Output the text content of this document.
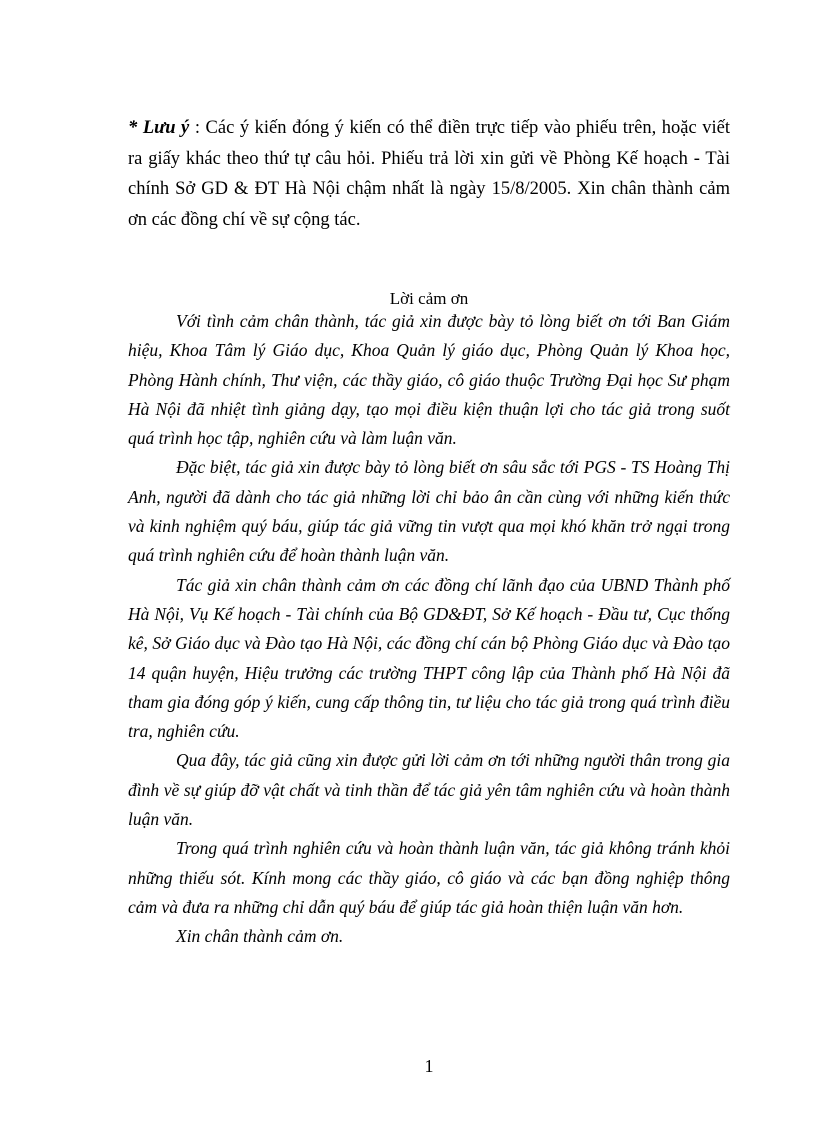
* Lưu ý : Các ý kiến đóng ý kiến có thể điền trực tiếp vào phiếu trên, hoặc viết ra giấy khác theo thứ tự câu hỏi. Phiếu trả lời xin gửi về Phòng Kế hoạch - Tài chính Sở GD & ĐT Hà Nội chậm nhất là ngày 15/8/2005. Xin chân thành cảm ơn các đồng chí về sự cộng tác.
Lời cảm ơn

Với tình cảm chân thành, tác giả xin được bày tỏ lòng biết ơn tới Ban Giám hiệu, Khoa Tâm lý Giáo dục, Khoa Quản lý giáo dục, Phòng Quản lý Khoa học, Phòng Hành chính, Thư viện, các thầy giáo, cô giáo thuộc Trường Đại học Sư phạm Hà Nội đã nhiệt tình giảng dạy, tạo mọi điều kiện thuận lợi cho tác giả trong suốt quá trình học tập, nghiên cứu và làm luận văn.

Đặc biệt, tác giả xin được bày tỏ lòng biết ơn sâu sắc tới PGS - TS Hoàng Thị Anh, người đã dành cho tác giả những lời chỉ bảo ân cần cùng với những kiến thức và kinh nghiệm quý báu, giúp tác giả vững tin vượt qua mọi khó khăn trở ngại trong quá trình nghiên cứu để hoàn thành luận văn.

Tác giả xin chân thành cảm ơn các đồng chí lãnh đạo của UBND Thành phố Hà Nội, Vụ Kế hoạch - Tài chính của Bộ GD&ĐT, Sở Kế hoạch - Đầu tư, Cục thống kê, Sở Giáo dục và Đào tạo Hà Nội, các đồng chí cán bộ Phòng Giáo dục và Đào tạo 14 quận huyện, Hiệu trưởng các trường THPT công lập của Thành phố Hà Nội đã tham gia đóng góp ý kiến, cung cấp thông tin, tư liệu cho tác giả trong quá trình điều tra, nghiên cứu.

Qua đây, tác giả cũng xin được gửi lời cảm ơn tới những người thân trong gia đình về sự giúp đỡ vật chất và tinh thần để tác giả yên tâm nghiên cứu và hoàn thành luận văn.

Trong quá trình nghiên cứu và hoàn thành luận văn, tác giả không tránh khỏi những thiếu sót. Kính mong các thầy giáo, cô giáo và các bạn đồng nghiệp thông cảm và đưa ra những chỉ dẫn quý báu để giúp tác giả hoàn thiện luận văn hơn.

Xin chân thành cảm ơn.

1
